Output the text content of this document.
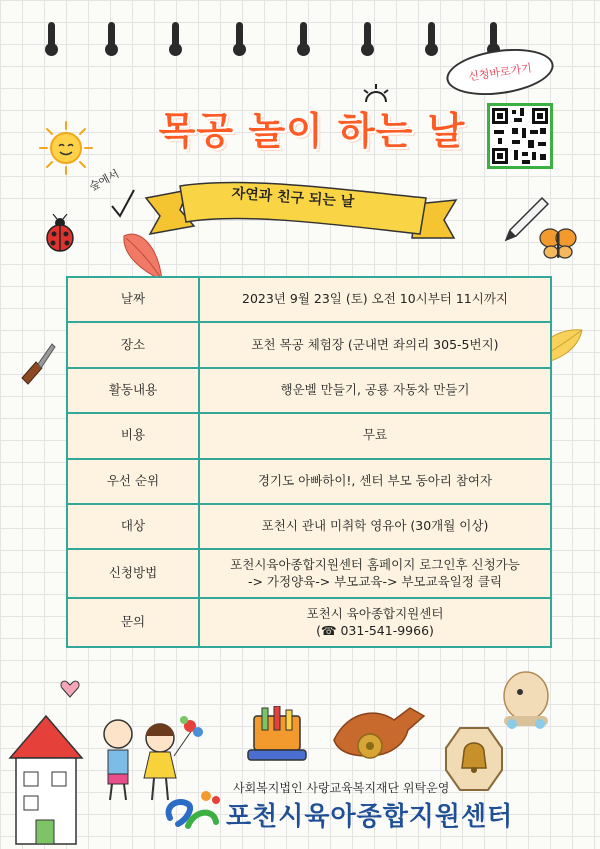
신청바로가기
목공 놀이 하는 날
숲에서
자연과 친구 되는 날
날짜	2023년 9월 23일 (토) 오전 10시부터 11시까지
장소	포천 목공 체험장 (군내면 좌의리 305-5번지)
활동내용	행운벨 만들기, 공룡 자동차 만들기
비용	무료
우선 순위	경기도 아빠하이!, 센터 부모 동아리 참여자
대상	포천시 관내 미취학 영유아 (30개월 이상)
신청방법	포천시육아종합지원센터 홈페이지 로그인후 신청가능
-> 가정양육-> 부모교육-> 부모교육일정 클릭

문의	포천시 육아종합지원센터
(☎ 031-541-9966)
사회복지법인 사랑교육복지재단 위탁운영
포천시육아종합지원센터
